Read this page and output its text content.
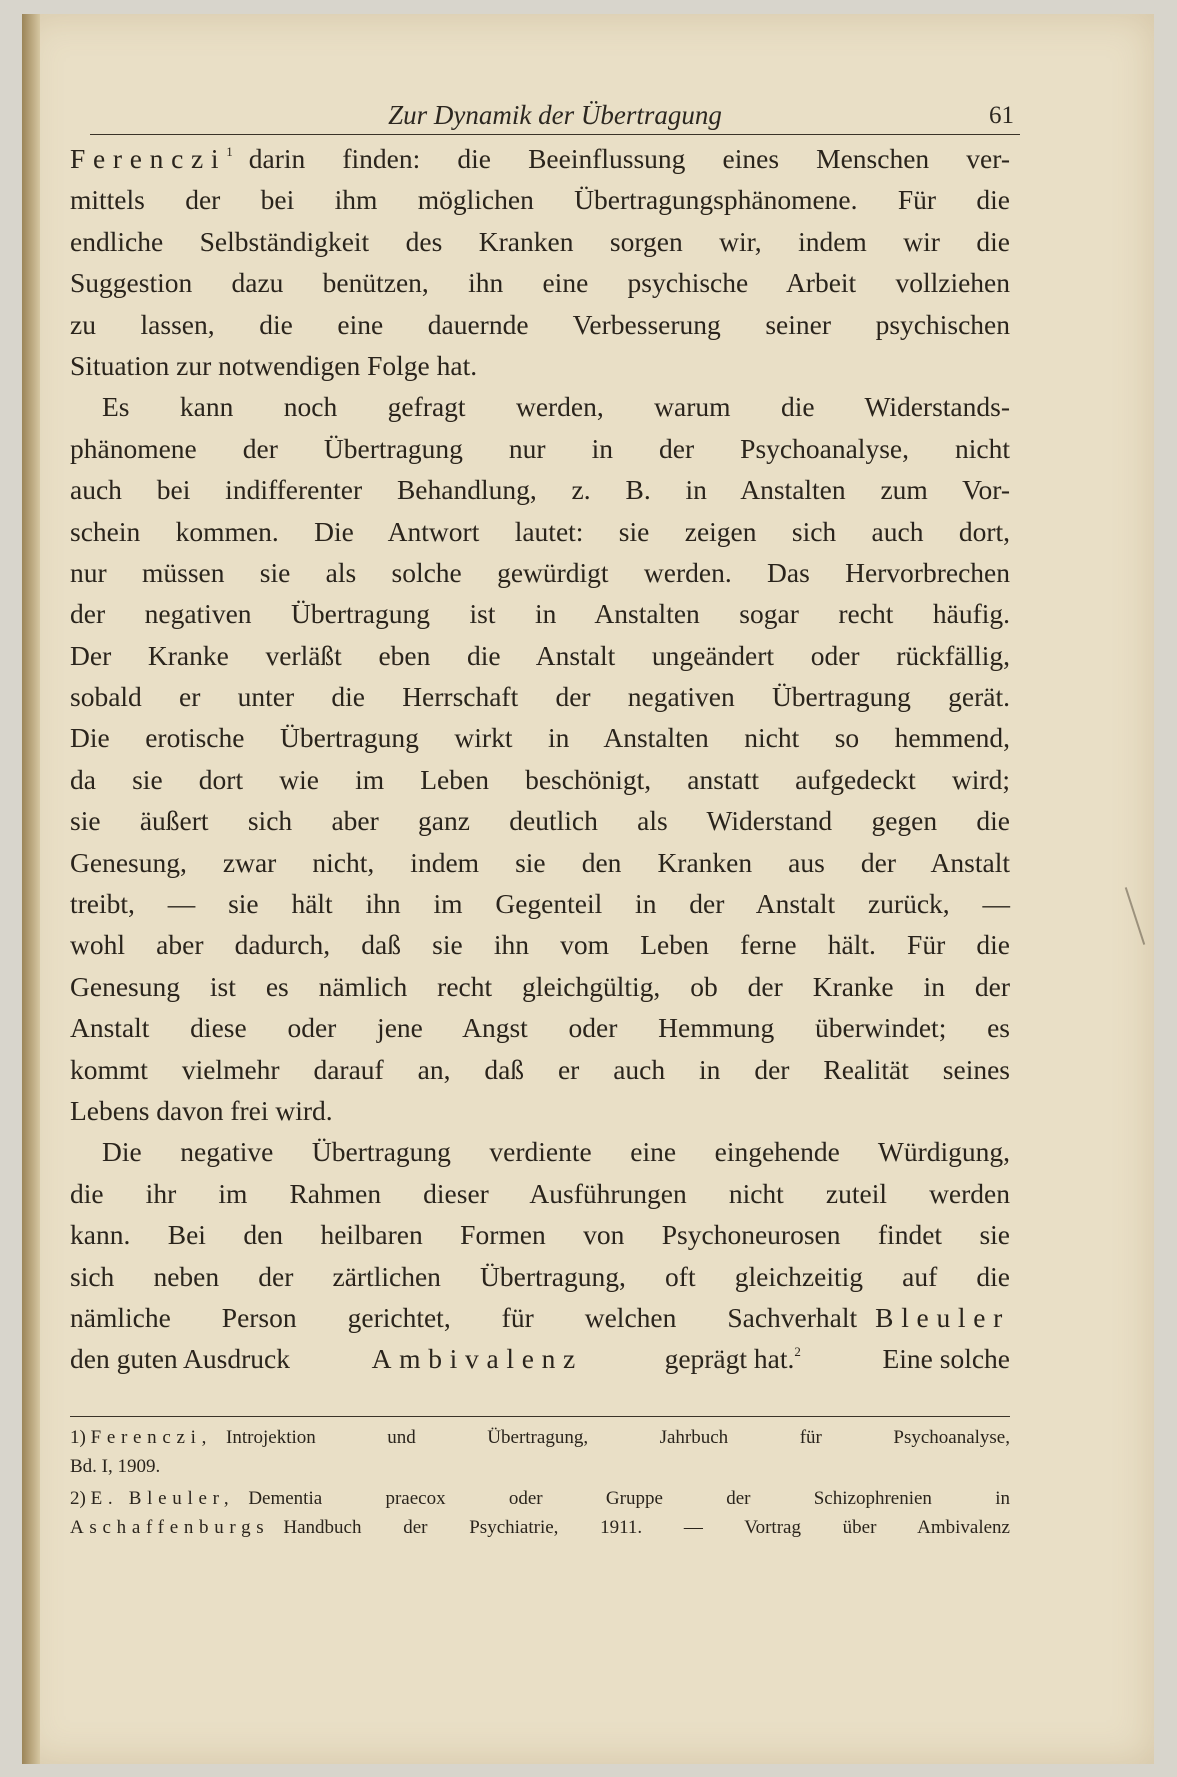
Zur Dynamik der Übertragung	61
Ferenczi$^1$ darin finden: die Beeinflussung eines Menschen ver-
mittels der bei ihm möglichen Übertragungsphänomene. Für die
endliche Selbständigkeit des Kranken sorgen wir, indem wir die
Suggestion dazu benützen, ihn eine psychische Arbeit vollziehen
zu lassen, die eine dauernde Verbesserung seiner psychischen
Situation zur notwendigen Folge hat.
Es kann noch gefragt werden, warum die Widerstands-
phänomene der Übertragung nur in der Psychoanalyse, nicht
auch bei indifferenter Behandlung, z. B. in Anstalten zum Vor-
schein kommen. Die Antwort lautet: sie zeigen sich auch dort,
nur müssen sie als solche gewürdigt werden. Das Hervorbrechen
der negativen Übertragung ist in Anstalten sogar recht häufig.
Der Kranke verläßt eben die Anstalt ungeändert oder rückfällig,
sobald er unter die Herrschaft der negativen Übertragung gerät.
Die erotische Übertragung wirkt in Anstalten nicht so hemmend,
da sie dort wie im Leben beschönigt, anstatt aufgedeckt wird;
sie äußert sich aber ganz deutlich als Widerstand gegen die
Genesung, zwar nicht, indem sie den Kranken aus der Anstalt
treibt, — sie hält ihn im Gegenteil in der Anstalt zurück, —
wohl aber dadurch, daß sie ihn vom Leben ferne hält. Für die
Genesung ist es nämlich recht gleichgültig, ob der Kranke in der
Anstalt diese oder jene Angst oder Hemmung überwindet; es
kommt vielmehr darauf an, daß er auch in der Realität seines
Lebens davon frei wird.
Die negative Übertragung verdiente eine eingehende Würdigung,
die ihr im Rahmen dieser Ausführungen nicht zuteil werden
kann. Bei den heilbaren Formen von Psychoneurosen findet sie
sich neben der zärtlichen Übertragung, oft gleichzeitig auf die
nämliche Person gerichtet, für welchen Sachverhalt Bleuler
den guten Ausdruck	Ambivalenz	geprägt hat.$^2$	Eine solche
1) Ferenczi, Introjektion und Übertragung, Jahrbuch für Psychoanalyse,
Bd. I, 1909.
2) E. Bleuler, Dementia praecox oder Gruppe der Schizophrenien in
Aschaffenburgs Handbuch der Psychiatrie, 1911. — Vortrag über Ambivalenz
